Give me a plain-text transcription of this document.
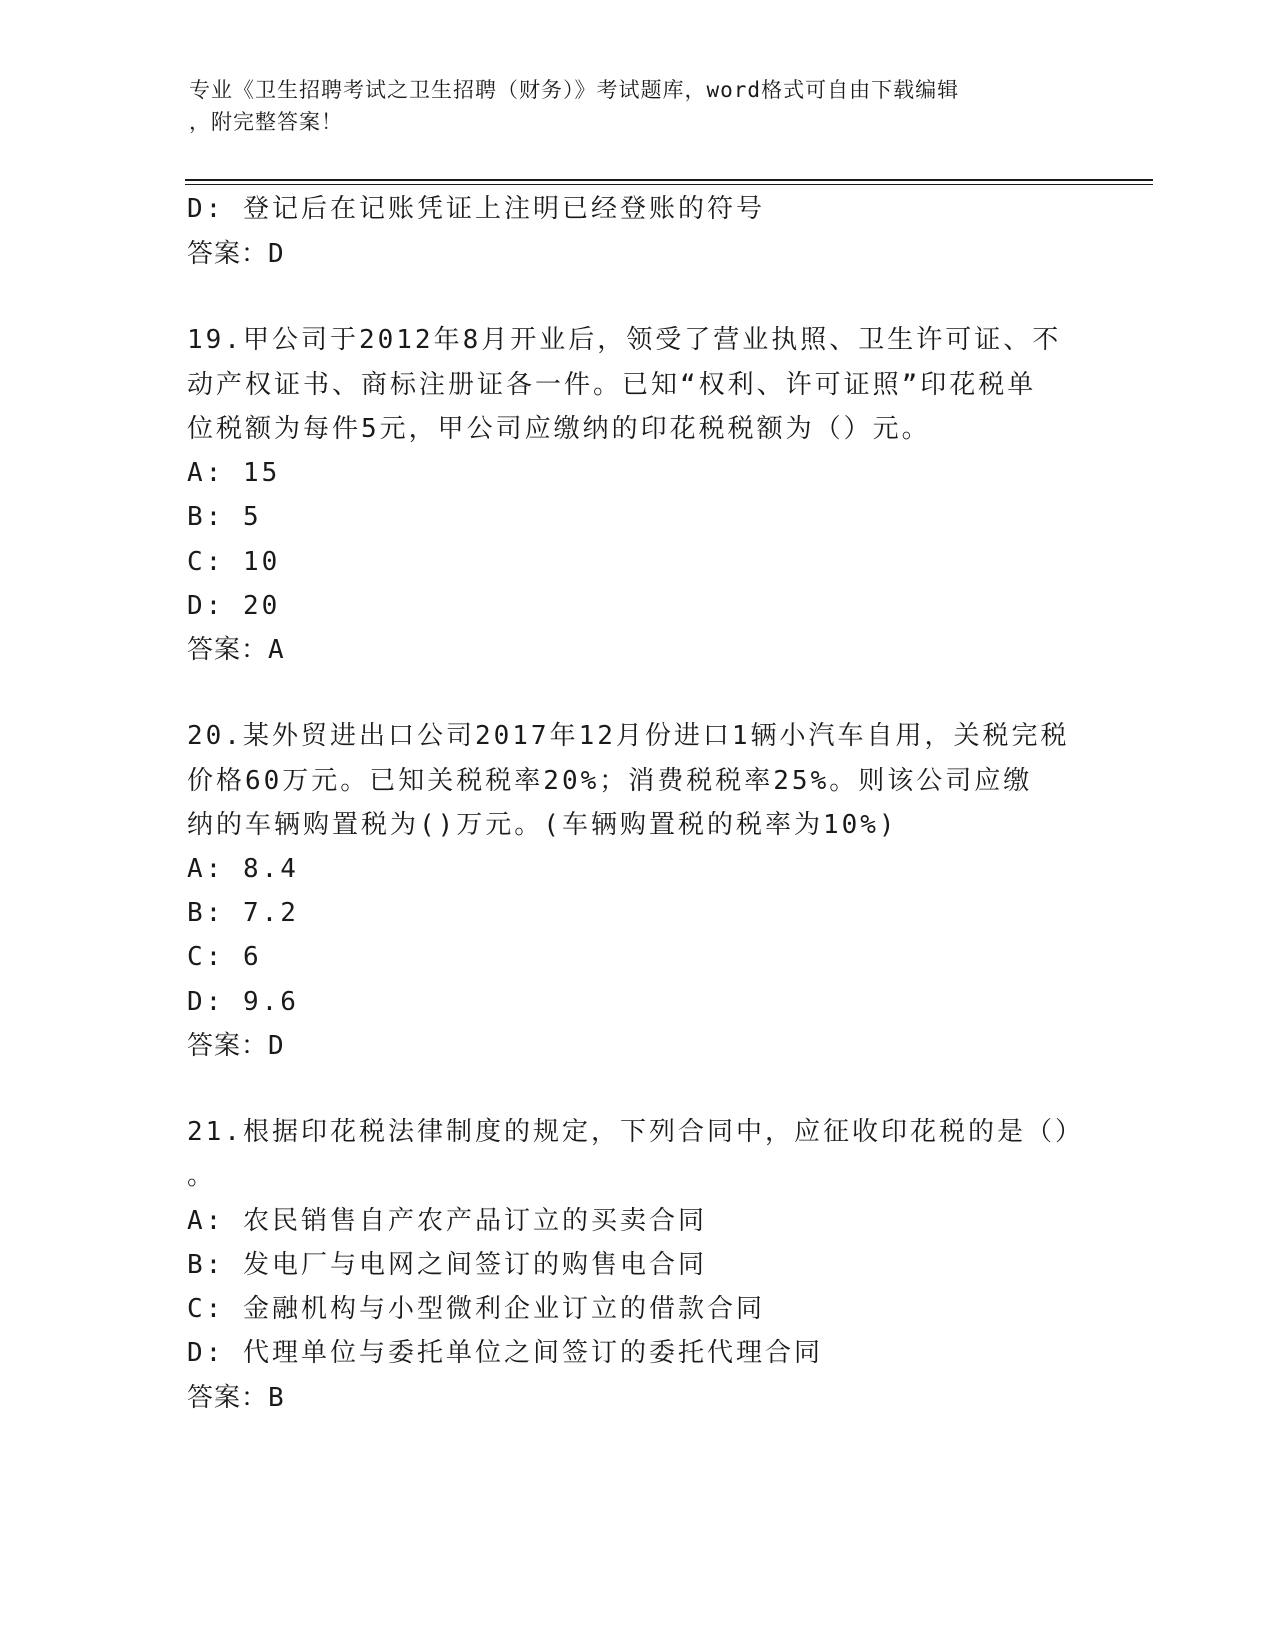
专业《卫生招聘考试之卫生招聘（财务）》考试题库，word格式可自由下载编辑
，附完整答案！
D: 登记后在记账凭证上注明已经登账的符号
答案：D
19.甲公司于2012年8月开业后，领受了营业执照、卫生许可证、不
动产权证书、商标注册证各一件。已知“权利、许可证照”印花税单
位税额为每件5元，甲公司应缴纳的印花税税额为（）元。
A: 15
B: 5
C: 10
D: 20
答案：A
20.某外贸进出口公司2017年12月份进口1辆小汽车自用，关税完税
价格60万元。已知关税税率20%；消费税税率25%。则该公司应缴
纳的车辆购置税为()万元。(车辆购置税的税率为10%)
A: 8.4
B: 7.2
C: 6
D: 9.6
答案：D
21.根据印花税法律制度的规定，下列合同中，应征收印花税的是（）
。
A: 农民销售自产农产品订立的买卖合同
B: 发电厂与电网之间签订的购售电合同
C: 金融机构与小型微利企业订立的借款合同
D: 代理单位与委托单位之间签订的委托代理合同
答案：B
